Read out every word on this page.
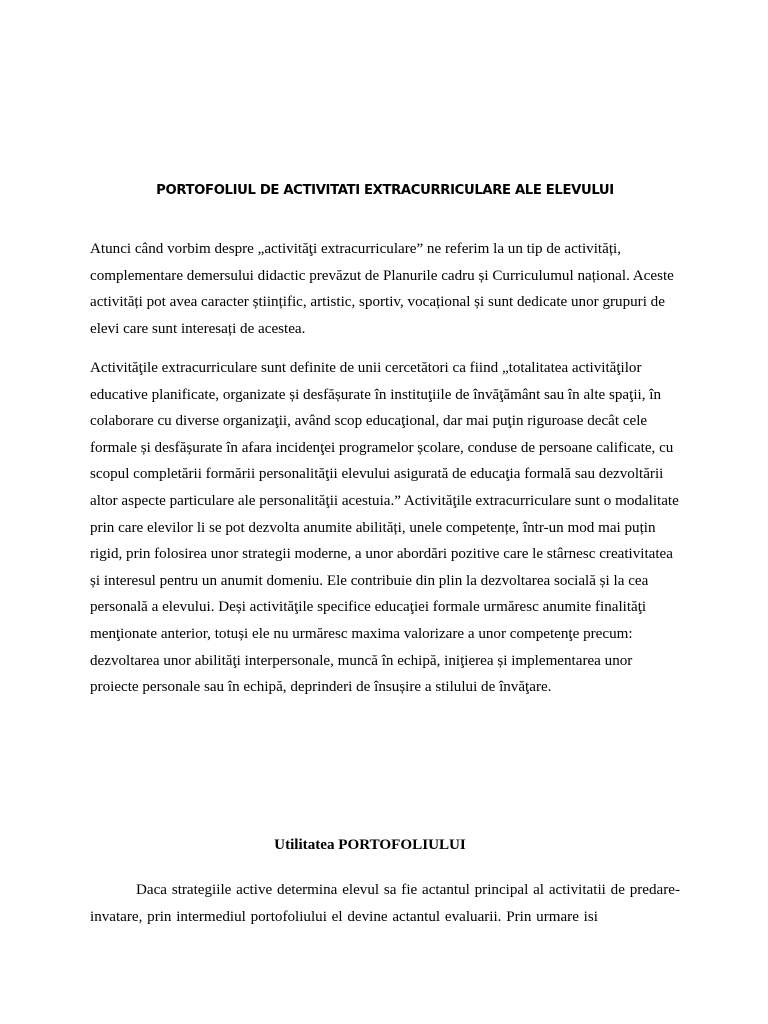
PORTOFOLIUL DE ACTIVITATI EXTRACURRICULARE ALE ELEVULUI

Atunci când vorbim despre „activităţi extracurriculare” ne referim la un tip de activități, complementare demersului didactic prevăzut de Planurile cadru și Curriculumul național. Aceste activități pot avea caracter științific, artistic, sportiv, vocațional și sunt dedicate unor grupuri de elevi care sunt interesați de acestea.

Activităţile extracurriculare sunt definite de unii cercetători ca fiind „totalitatea activităţilor educative planificate, organizate și desfășurate în instituţiile de învăţământ sau în alte spaţii, în colaborare cu diverse organizaţii, având scop educaţional, dar mai puţin riguroase decât cele formale și desfășurate în afara incidenţei programelor școlare, conduse de persoane calificate, cu scopul completării formării personalităţii elevului asigurată de educaţia formală sau dezvoltării altor aspecte particulare ale personalităţii acestuia.” Activităţile extracurriculare sunt o modalitate prin care elevilor li se pot dezvolta anumite abilități, unele competențe, într-un mod mai puțin rigid, prin folosirea unor strategii moderne, a unor abordări pozitive care le stârnesc creativitatea și interesul pentru un anumit domeniu. Ele contribuie din plin la dezvoltarea socială și la cea personală a elevului. Deși activităţile specifice educaţiei formale urmăresc anumite finalităţi menţionate anterior, totuși ele nu urmăresc maxima valorizare a unor competenţe precum: dezvoltarea unor abilităţi interpersonale, muncă în echipă, iniţierea și implementarea unor proiecte personale sau în echipă, deprinderi de însușire a stilului de învăţare.

Utilitatea PORTOFOLIULUI

Daca strategiile active determina elevul sa fie actantul principal al activitatii de predare-invatare, prin intermediul portofoliului el devine actantul evaluarii. Prin urmare isi
